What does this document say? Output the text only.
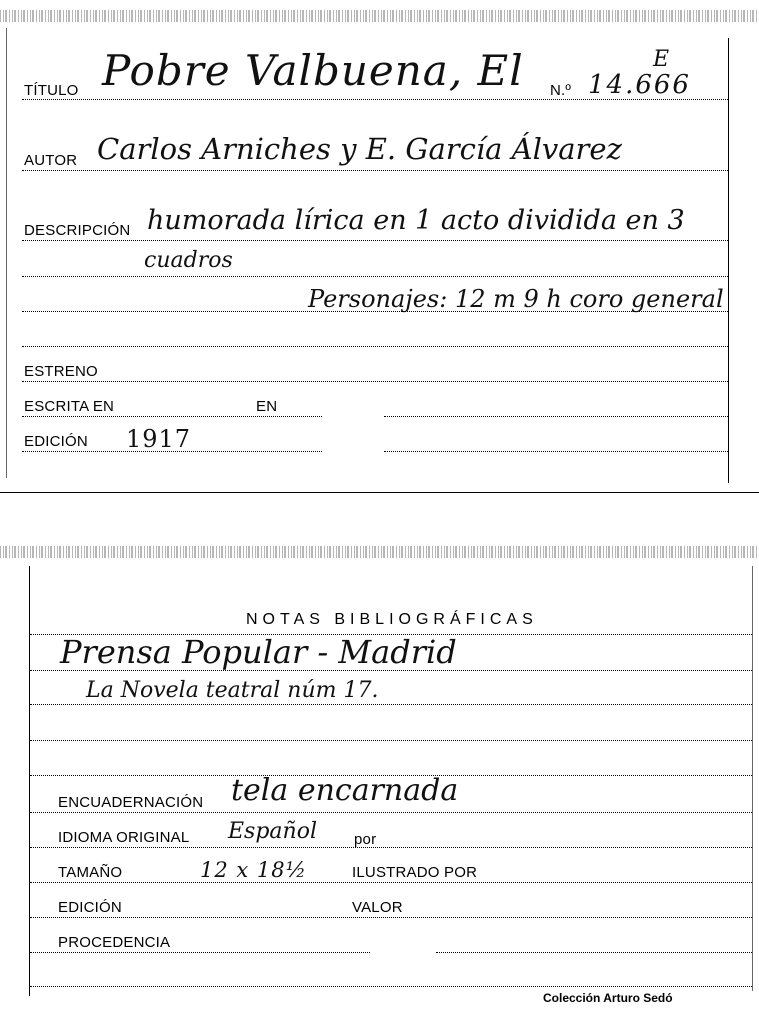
TÍTULO Pobre Valbuena, El N.º 14.666
E
AUTOR Carlos Arniches y E. García Álvarez
DESCRIPCIÓN humorada lírica en 1 acto dividida en 3
cuadros
Personajes: 12 m 9 h coro general
ESTRENO
ESCRITA EN	EN
EDICIÓN 1917
NOTAS BIBLIOGRÁFICAS
Prensa Popular - Madrid
La Novela teatral núm 17.
ENCUADERNACIÓN tela encarnada
IDIOMA ORIGINAL Español por
TAMAÑO	12 x 18½	ILUSTRADO POR
EDICIÓN	VALOR
PROCEDENCIA
Colección Arturo Sedó
